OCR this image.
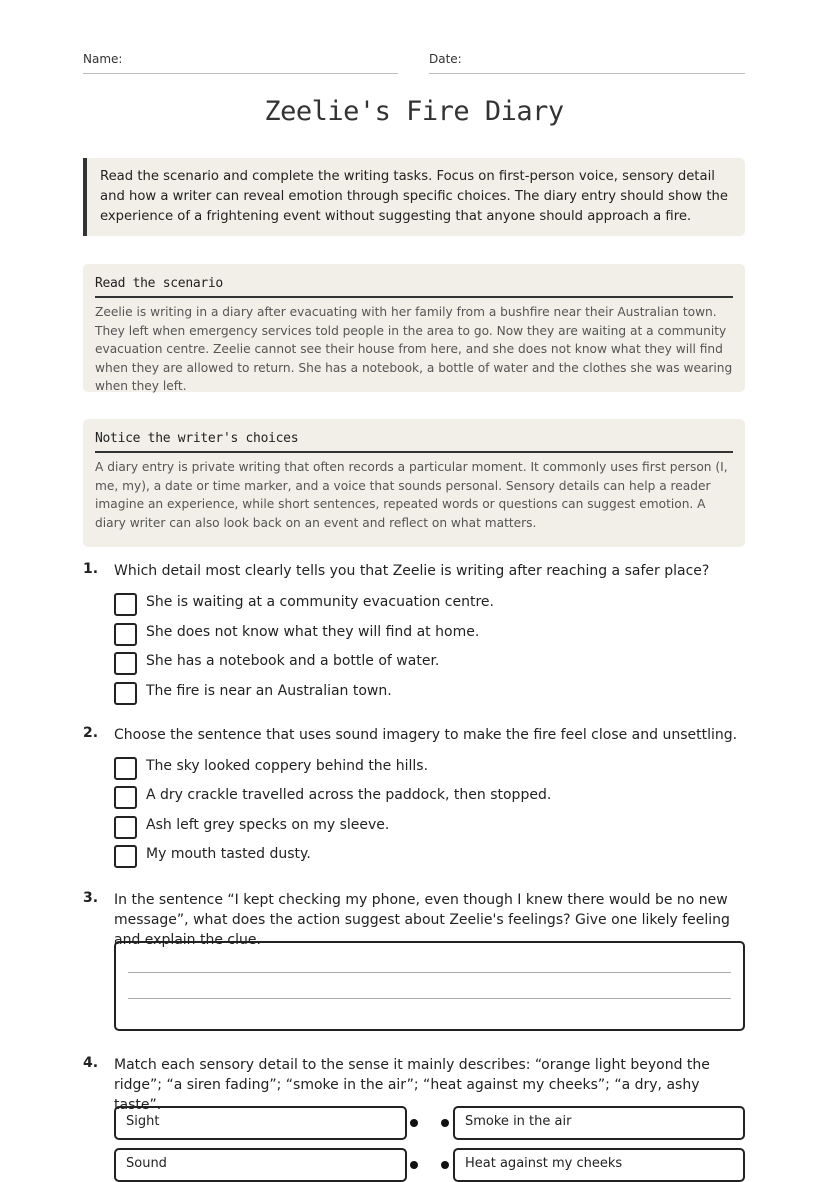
Name:	Date:
Zeelie's Fire Diary
Read the scenario and complete the writing tasks. Focus on first-person voice, sensory detail and how a writer can reveal emotion through specific choices. The diary entry should show the experience of a frightening event without suggesting that anyone should approach a fire.
Read the scenario

Zeelie is writing in a diary after evacuating with her family from a bushfire near their Australian town. They left when emergency services told people in the area to go. Now they are waiting at a community evacuation centre. Zeelie cannot see their house from here, and she does not know what they will find when they are allowed to return. She has a notebook, a bottle of water and the clothes she was wearing when they left.

Notice the writer's choices

A diary entry is private writing that often records a particular moment. It commonly uses first person (I, me, my), a date or time marker, and a voice that sounds personal. Sensory details can help a reader imagine an experience, while short sentences, repeated words or questions can suggest emotion. A diary writer can also look back on an event and reflect on what matters.

1. Which detail most clearly tells you that Zeelie is writing after reaching a safer place?
She is waiting at a community evacuation centre.
She does not know what they will find at home.
She has a notebook and a bottle of water.
The fire is near an Australian town.
2. Choose the sentence that uses sound imagery to make the fire feel close and unsettling.
The sky looked coppery behind the hills.
A dry crackle travelled across the paddock, then stopped.
Ash left grey specks on my sleeve.
My mouth tasted dusty.
3. In the sentence “I kept checking my phone, even though I knew there would be no new message”, what does the action suggest about Zeelie's feelings? Give one likely feeling and explain the clue.
4. Match each sensory detail to the sense it mainly describes: “orange light beyond the ridge”; “a siren fading”; “smoke in the air”; “heat against my cheeks”; “a dry, ashy taste”.
Sight	Smoke in the air
Sound	Heat against my cheeks
